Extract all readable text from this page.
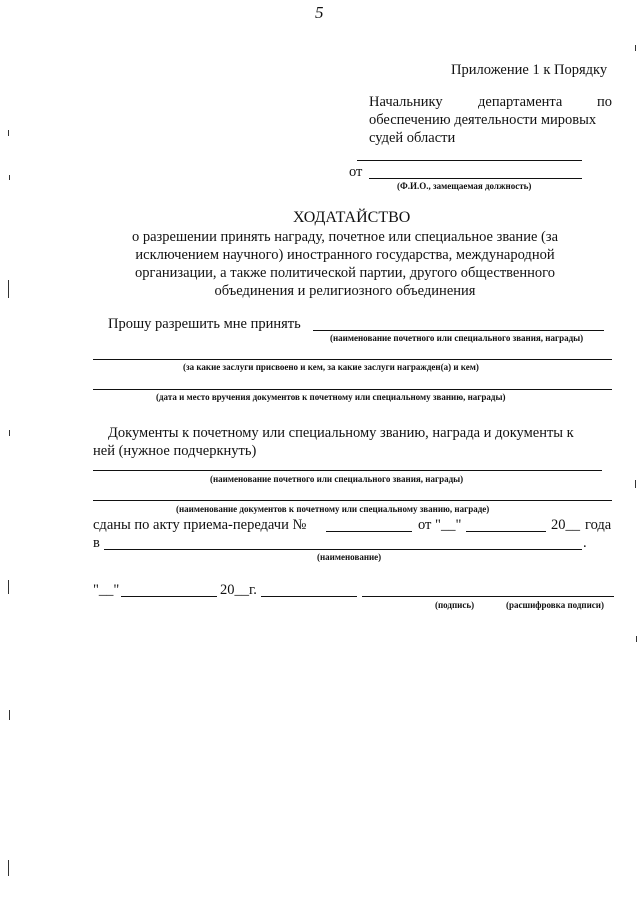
5
Приложение 1 к Порядку
Начальнику департамента по
обеспечению деятельности мировых
судей области
от
(Ф.И.О., замещаемая должность)
ХОДАТАЙСТВО
о разрешении принять награду, почетное или специальное звание (за
исключением научного) иностранного государства, международной
организации, а также политической партии, другого общественного
объединения и религиозного объединения
Прошу разрешить мне принять
(наименование почетного или специального звания, награды)
(за какие заслуги присвоено и кем, за какие заслуги награжден(а) и кем)
(дата и место вручения документов к почетному или специальному званию, награды)
Документы к почетному или специальному званию, награда и документы к
ней (нужное подчеркнуть)
(наименование почетного или специального звания, награды)
(наименование документов к почетному или специальному званию, награде)
сданы по акту приема-передачи №	от "__"	20__ года
в	.
(наименование)
"__"	20__г.
(подпись)	(расшифровка подписи)
